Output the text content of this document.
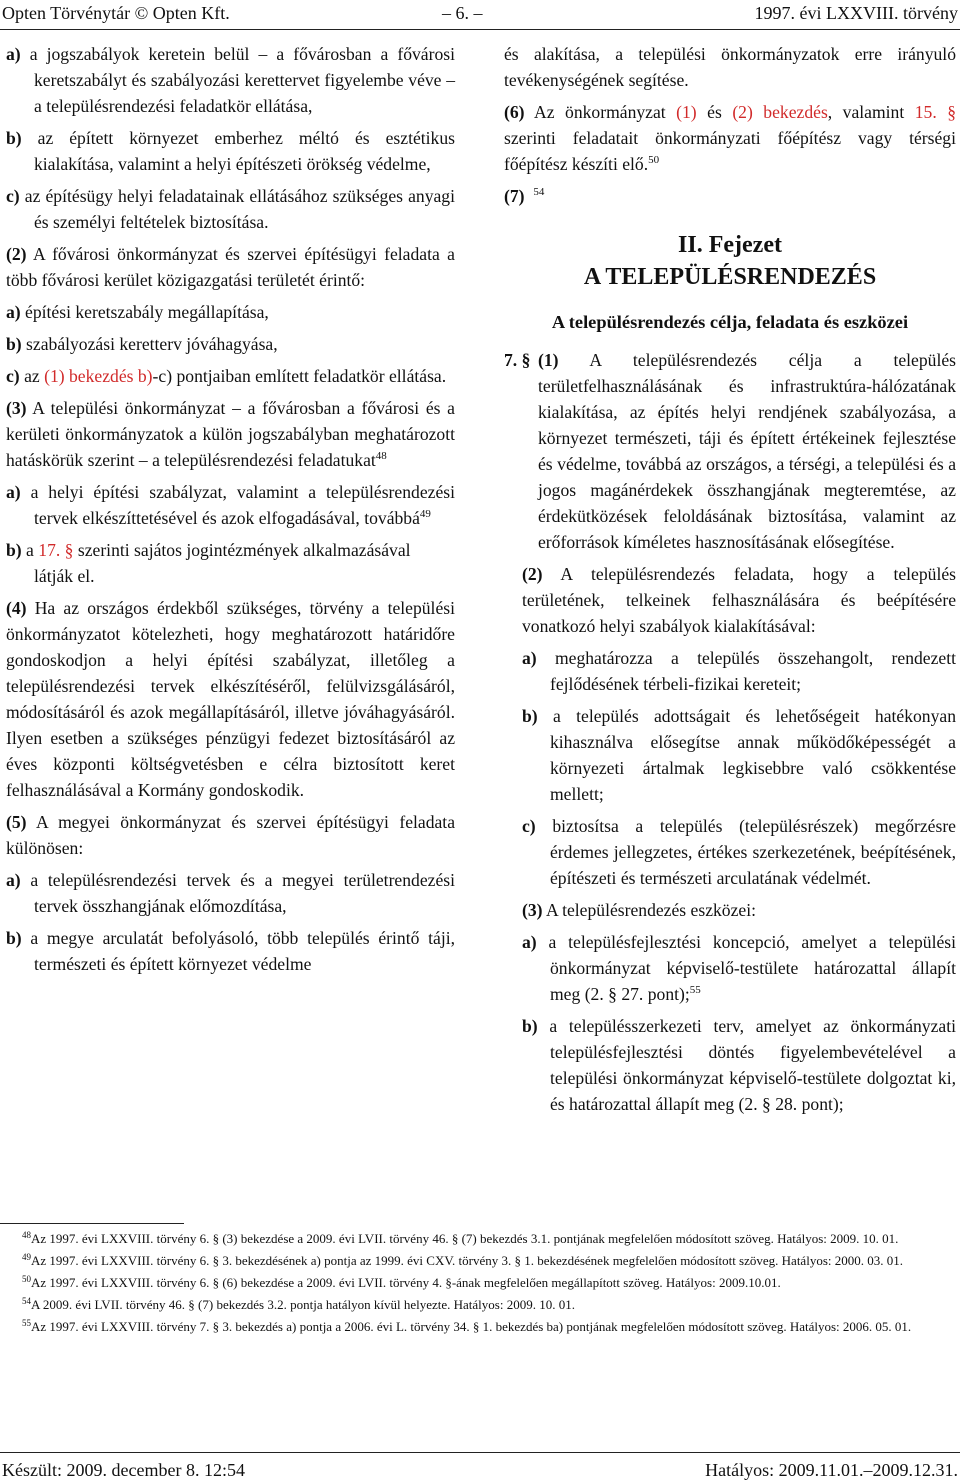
Opten Törvénytár © Opten Kft.	– 6. –	1997. évi LXXVIII. törvény
a) a jogszabályok keretein belül – a fővárosban a fővárosi keretszabályt és szabályozási kerettervet figyelembe véve – a településrendezési feladatkör ellátása,
b) az épített környezet emberhez méltó és esztétikus kialakítása, valamint a helyi építészeti örökség védelme,
c) az építésügy helyi feladatainak ellátásához szükséges anyagi és személyi feltételek biztosítása.
(2) A fővárosi önkormányzat és szervei építésügyi feladata a több fővárosi kerület közigazgatási területét érintő:
a) építési keretszabály megállapítása,
b) szabályozási keretterv jóváhagyása,
c) az (1) bekezdés b)-c) pontjaiban említett feladatkör ellátása.
(3) A települési önkormányzat – a fővárosban a fővárosi és a kerületi önkormányzatok a külön jogszabályban meghatározott hatáskörük szerint – a településrendezési feladatukat$^{48}$
a) a helyi építési szabályzat, valamint a településrendezési tervek elkészíttetésével és azok elfogadásával, továbbá$^{49}$
b) a 17. § szerinti sajátos jogintézmények alkalmazásával
látják el.
(4) Ha az országos érdekből szükséges, törvény a települési önkormányzatot kötelezheti, hogy meghatározott határidőre gondoskodjon a helyi építési szabályzat, illetőleg a településrendezési tervek elkészítéséről, felülvizsgálásáról, módosításáról és azok megállapításáról, illetve jóváhagyásáról. Ilyen esetben a szükséges pénzügyi fedezet biztosításáról az éves központi költségvetésben e célra biztosított keret felhasználásával a Kormány gondoskodik.
(5) A megyei önkormányzat és szervei építésügyi feladata különösen:
a) a településrendezési tervek és a megyei területrendezési tervek összhangjának előmozdítása,
b) a megye arculatát befolyásoló, több település érintő táji, természeti és épített környezet védelme
és alakítása, a települési önkormányzatok erre irányuló tevékenységének segítése.
(6) Az önkormányzat (1) és (2) bekezdés, valamint 15. § szerinti feladatait önkormányzati főépítész vagy térségi főépítész készíti elő.$^{50}$
(7) $^{54}$
II. Fejezet
A TELEPÜLÉSRENDEZÉS
A településrendezés célja, feladata és eszközei
7. § (1) A településrendezés célja a település területfelhasználásának és infrastruktúra-hálózatának kialakítása, az építés helyi rendjének szabályozása, a környezet természeti, táji és épített értékeinek fejlesztése és védelme, továbbá az országos, a térségi, a települési és a jogos magánérdekek összhangjának megteremtése, az érdekütközések feloldásának biztosítása, valamint az erőforrások kíméletes hasznosításának elősegítése.
(2) A településrendezés feladata, hogy a település területének, telkeinek felhasználására és beépítésére vonatkozó helyi szabályok kialakításával:
a) meghatározza a település összehangolt, rendezett fejlődésének térbeli-fizikai kereteit;
b) a település adottságait és lehetőségeit hatékonyan kihasználva elősegítse annak működőképességét a környezeti ártalmak legkisebbre való csökkentése mellett;
c) biztosítsa a település (településrészek) megőrzésre érdemes jellegzetes, értékes szerkezetének, beépítésének, építészeti és természeti arculatának védelmét.
(3) A településrendezés eszközei:
a) a településfejlesztési koncepció, amelyet a települési önkormányzat képviselő-testülete határozattal állapít meg (2. § 27. pont);$^{55}$
b) a településszerkezeti terv, amelyet az önkormányzati településfejlesztési döntés figyelembevételével a települési önkormányzat képviselő-testülete dolgoztat ki, és határozattal állapít meg (2. § 28. pont);
$^{48}$Az 1997. évi LXXVIII. törvény 6. § (3) bekezdése a 2009. évi LVII. törvény 46. § (7) bekezdés 3.1. pontjának megfelelően módosított szöveg. Hatályos: 2009. 10. 01.
$^{49}$Az 1997. évi LXXVIII. törvény 6. § 3. bekezdésének a) pontja az 1999. évi CXV. törvény 3. § 1. bekezdésének megfelelően módosított szöveg. Hatályos: 2000. 03. 01.
$^{50}$Az 1997. évi LXXVIII. törvény 6. § (6) bekezdése a 2009. évi LVII. törvény 4. §-ának megfelelően megállapított szöveg. Hatályos: 2009.10.01.
$^{54}$A 2009. évi LVII. törvény 46. § (7) bekezdés 3.2. pontja hatályon kívül helyezte. Hatályos: 2009. 10. 01.
$^{55}$Az 1997. évi LXXVIII. törvény 7. § 3. bekezdés a) pontja a 2006. évi L. törvény 34. § 1. bekezdés ba) pontjának megfelelően módosított szöveg. Hatályos: 2006. 05. 01.
Készült: 2009. december 8. 12:54	Hatályos: 2009.11.01.–2009.12.31.
